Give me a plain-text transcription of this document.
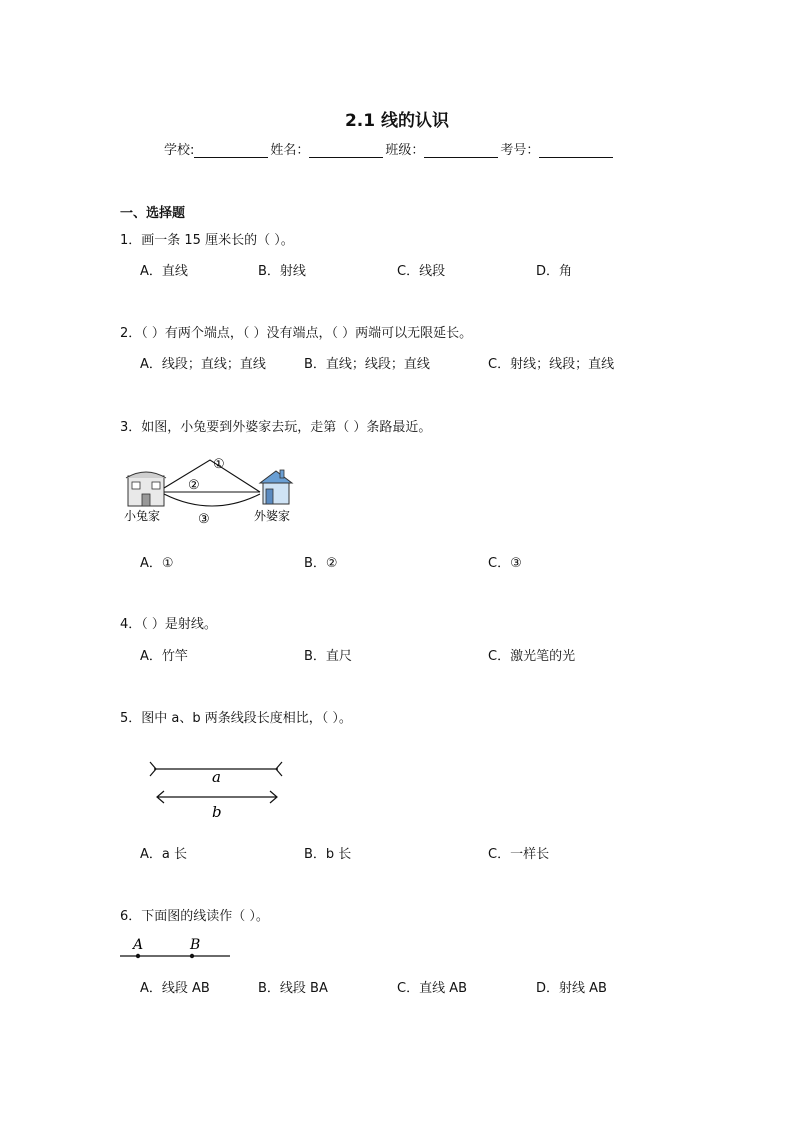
2.1 线的认识
学校:	姓名：	班级：	考号：
一、选择题
1．画一条 15 厘米长的（ ）。
A．直线	B．射线	C．线段	D．角
2．（ ）有两个端点，（ ）没有端点，（ ）两端可以无限延长。
A．线段；直线；直线	B．直线；线段；直线	C．射线；线段；直线
3．如图，小兔要到外婆家去玩，走第（ ）条路最近。
①
②
③
小兔家	外婆家
A．①	B．②	C．③
4．（ ）是射线。
A．竹竿	B．直尺	C．激光笔的光
5．图中 a、b 两条线段长度相比，（ ）。
a
b
A．a 长	B．b 长	C．一样长
6．下面图的线读作（ ）。
A	B
A．线段 AB	B．线段 BA	C．直线 AB	D．射线 AB
